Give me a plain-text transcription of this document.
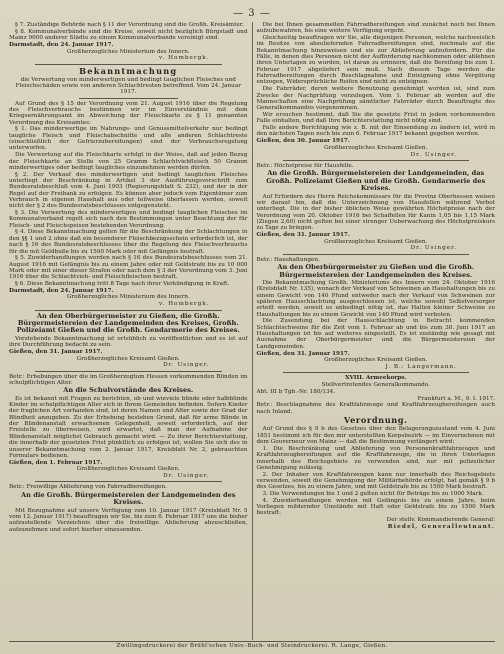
— 3 —

§ 7. Zuständige Behörde nach § 11 der Verordnung sind die Großh. Kreisämter.

§ 8. Kommunalverbände sind die Kreise, soweit nicht bezüglich Bürgstadt und Mainz 9000 anderer Städte zu einem Kommunalverbande vereinigt sind.

Darmstadt, den 24. Januar 1917.

Großherzogliches Ministerium des Innern.

v. Hombergk.

Bekanntmachung

die Verwertung von minderwertigen und bedingt tauglichen Fleisches und Fleischschäden sowie von anderen Schlachtresten betreffend. Vom 24. Januar 1917.

Auf Grund des § 15 der Verordnung vom 21. August 1916 über die Regelung des Fleischverbrauchs bestimmen wir im Einverständnis mit dem Kriegsernährungsamt im Abweichung der Fleischkarte zu § 11 genannten Verordnung des Kreisamtes:

§ 1. Das minderwertige im Nahrungs- und Genussmittelverkehr nur bedingt taugliche Fleisch und Fleischabschnitte und alle anderen Schlachtreste (einschließlich der Gefrierzubereitungen) sind der Verbrauchsregelung unterworfen.

Die Verwertung auf die Fleischkarte erfolgt in der Weise, daß auf jeden Bezug der Fleischkarte an Stelle von 25 Gramm Schlachtviehfleisch 50 Gramm minderwertiges oder bedingt taugliches einzunehmen werden dürfen.

§ 2. Der Verkauf des minderwertigen und bedingt tauglichen Fleisches unterliegt der Beschränkung in Artikel 3 der Ausführungsvorschrift zum Bundesratsbeschluß vom 4. Juni 1903 (Regierungsblatt S. 232), und der in der Regel auf der Freibank zu erfolgen. Es können aber jedoch vom Eigentümer zum Verbrauch in eigenen Haushalt aus oder teilweise überlassen werden, soweit nicht der § 2 des Bundesratsbeschlusses entgegensteht.

§ 3. Die Verwertung des minderwertigen und bedingt tauglichen Fleisches im Kommunalverband regelt sich nach den Bestimmungen unter Beachtung der für Fleisch- und Fleischspeisen bestehenden Verordnung.

§ 4. Diese Bekanntmachung gelten für die Beschränkung der Schlachtungen in den §§ 1 und 2 ohne daß ein besonderer Fleischbezugsschein erforderlich ist, der nach § 16 des Bundesratsbeschlusses über die Regelung des Fleischverbrauchs für die mit Geldbuße bis zu 1500 Mark oder mit Gefängnis bestraft.

§ 5. Zuwiderhandlungen werden nach § 16 des Bundesratsbeschlusses vom 21. August 1916 mit Gefängnis bis zu einem Jahre oder mit Geldstrafe bis zu 10 000 Mark oder mit einer dieser Strafen oder nach dem § 3 der Verordnung vom 3. Juni 1916 über die Schlachtvieh- und Fleischfleischen bestraft.

§ 6. Diese Bekanntmachung tritt 8 Tage nach ihrer Verkündigung in Kraft.

Darmstadt, den 24. Januar 1917.

Großherzogliches Ministerium des Innern.

v. Hombergk.

An den Oberbürgermeister zu Gießen, die Großh. Bürgermeistereien der Landgemeinden des Kreises, Großh. Polizeiamt Gießen und die Großh. Gendarmerie des Kreises.

Vorstehende Bekanntmachung ist ortsüblich zu veröffentlichen und es ist auf ihre Durchführung bedacht zu sein.

Gießen, den 31. Januar 1917.

Großherzogliches Kreisamt Gießen.

Dr. Usinger.

Betr.: Erhebungen über die im Großherzogtum Hessen vorkommenden Blinden im schulpflichtigen Alter.

An die Schulvorstände des Kreises.

Es ist bekannt mit Fragen zu berichten, ob und wieviele blinde oder halbblinde Kinder im schulpflichtigen Alter sich in Ihrem Gemeinden befinden. Sofern Kinder der fraglichen Art vorhanden sind, ist deren Namen und Alter sowie der Grad der Blindheit anzugeben. Zu der Erhebung bestehen Grund, daß für arme Blinde in der Blindenanstalt erwachsenen Gelegenheit, soweit erforderlich, auf der Freistelle zu überweisen, wird erwartet, daß man der Aufnahme der Blindenanstalt möglichst Gebrauch gemacht wird. — Zu ihrer Berichterstattung, die innerhalb der gesetzten Frist pünktlich zu erfolgen ist, wollen Sie sich des in unserer Bekanntmachung vom 2. Januar 1917, Kreisblatt Nr. 2, gebrauchten Formulars bedienen.

Gießen, den 1. Februar 1917.

Großherzogliches Kreisamt Gießen.

Dr. Usinger.

Betr.: Freiwillige Ablieferung von Fahrradbereifungen.

An die Großh. Bürgermeistereien der Landgemeinden des Kreises.

Mit Bezugnahme auf unsere Verfügung vom 10. Januar 1917 (Kreisblatt Nr. 5 vom 12. Januar 1917) beauftragen wir Sie, bis zum 6. Februar 1917 uns die bisher aufzustellende Verzeichnis über die freiwillige Ablieferung abzuschließen, aufzunehmen und sofort hierher einzusenden.

Die bei Ihnen gesammelten Fahrradbereifungen sind zunächst noch bei Ihnen aufzubewahren, bis eine weitere Verfügung ergeht.

Gleichzeitig beauftragen wir Sie, alle diejenigen Personen, welche nachweislich im Besitze von abzuliefernden Fahrradbereifungen sind, nochmals auf die Bekanntmachung hinzuweisen und sie zur Ablieferung aufzufordern. Für die Fälle, in denen dies Personen nicht der Aufforderung nachkommen oder ablehnen ihren Unterlagen zu wurden, ist daran zu erinnern, daß die Bereifung bis zum 1. Februar 1917 abgeliefert sein muß. Nach diesem Tage werden die Fahrradbereifungen durch Beschlagnahme und Enteignung ohne Vergütung entzogen, Widersprüchliche Reifen sind nicht zu enteignen.

Die Fahrräder, deren weitere Benutzung genehmigt worden ist, sind zum Zwecke der Nachprüfung vorzulegen. Vom 1. Februar ab werden auf die Mannschaften eine Nachprüfung sämtlicher Fahrräder durch Beauftragte des Generalkommandos vorgenommen.

Wir ersuchen bestimmt, daß Sie die gesetzte Frist in jedem vorkommenden Falle einhalten, und daß Ihre Berichterstattung nicht nötig sind.

Falls andere Berichtigung wie z. B. mit der Einsendung zu ändern ist, wird in den nächsten Tagen noch bis zum 6. Februar 1917 bekannt gegeben werden.

Gießen, den 30. Januar 1917.

Großherzogliches Kreisamt Gießen.

Dr. Usinger.

Betr.: Höchstpreise für Hausfelle.

An die Großh. Bürgermeistereien der Landgemeinden, das Großh. Polizeiamt Gießen und die Großh. Gendarmerie des Kreises.

Auf Erfordern des Herrn Reichskommissars für die Provinz Oberhessen weisen wir darauf hin, daß die Unterzeichnung von Hausfellen während Verbot unterliegt. Die in der bisher üblichen Weise gewährten Höchstpreise nach der Verordnung vom 20. Oktober 1916 bei Schaffellen für Kanin 1,05 bis 1,15 Mark (Ziegen 2,60) nicht gelten bei einer strenger Ueberwachung des Höchstpreiskurs zu Tage zu bringen.

Gießen, den 31. Januar 1917.

Großherzogliches Kreisamt Gießen.

Dr. Usinger.

Betr.: Haushaltungen.

An den Oberbürgermeister zu Gießen und die Großh. Bürgermeistereien der Landgemeinden des Kreises.

Die Bekanntmachung Großh. Ministeriums des Innern vom 24. Oktober 1916 (Kreisblatt Nr. 135), wonach der Verkauf von Schweinen an Haushaltungen bis zu einem Gewicht von 140 Pfund entweder nach der Verkauf von Schweinen zur späteren Hausschlachtung ausgeschlossen ist, welche sowohl Selbstversorger erteilt werden, soweit es unbedingt nötig ist, das Halten kleiner Schweine zu Haushaltungen bis zu einem Gewicht von 140 Pfund wird verboten.

Die Zusendung bei der Hausschlachtung in Betracht kommenden Schlachtschweine für die Zeit vom 1. Februar ab und bis zum 30. Juni 1917 an Haushaltungen ist bis auf weiteres eingestellt. Es ist zuständig wie gesagt mit Ausnahme der Oberbürgermeister und die Bürgermeistereien der Landgemeinden.

Gießen, den 31. Januar 1917.

Großherzogliches Kreisamt Gießen.

J. B.: Langermann.

XVIII. Armeekorps.

Stellvertretendes Generalkommando.

Abt. III b Tgb.-Nr. 180/134.

Frankfurt a. M., 9. I. 1917.

Betr.: Beschlagnahme des Kraftfahrzeuge und Kraftfahrzeugbereifungen auch nach Inland.

Verordnung.

Auf Grund des § 9 b des Gesetzes über den Belagerungszustand vom 4. Juni 1851 bestimmt ich für den mir unterstellten Korpsbezirk — im Einvernehmen mit dem Gouverneur von Mainz — daß die Bestimmung verlängert wird:

1. Die Beschränkung und Ablieferung von Personenkraftfahrzeugen und Kraftfahrzeugbereifungen auf die Kraftfahrzeuge, die in ihren Unterlagen innerhalb des Reichsgebiets zu verwenden sind, nur mit polizeilicher Genehmigung zulässig.

2. Der Inhaber von Kraftfahrzeugen kann nur innerhalb des Reichsgebiets verwenden, soweit die Genehmigung der Militärbehörde erfolgt, hat gemäß § 9 b des Gesetzes, bis zu einem Jahre, und mit Geldstrafe bis zu 1500 Mark bestraft.

3. Die Verwendungen bis 1 und 2 gelten nicht für Beträge bis zu 1000 Mark.

4. Zuwiderhandlungen werden mit Gefängnis bis zu einem Jahre, beim Vorliegen mildernder Umstände mit Haft oder Geldstrafe bis zu 1500 Mark bestraft.

Der stellv. Kommandierende General:

Riedel, Generalleutnant.

Zwillingsdruckerei der Brühl'schen Univ.-Buch- und Steindruckerei. R. Lange, Gießen.
